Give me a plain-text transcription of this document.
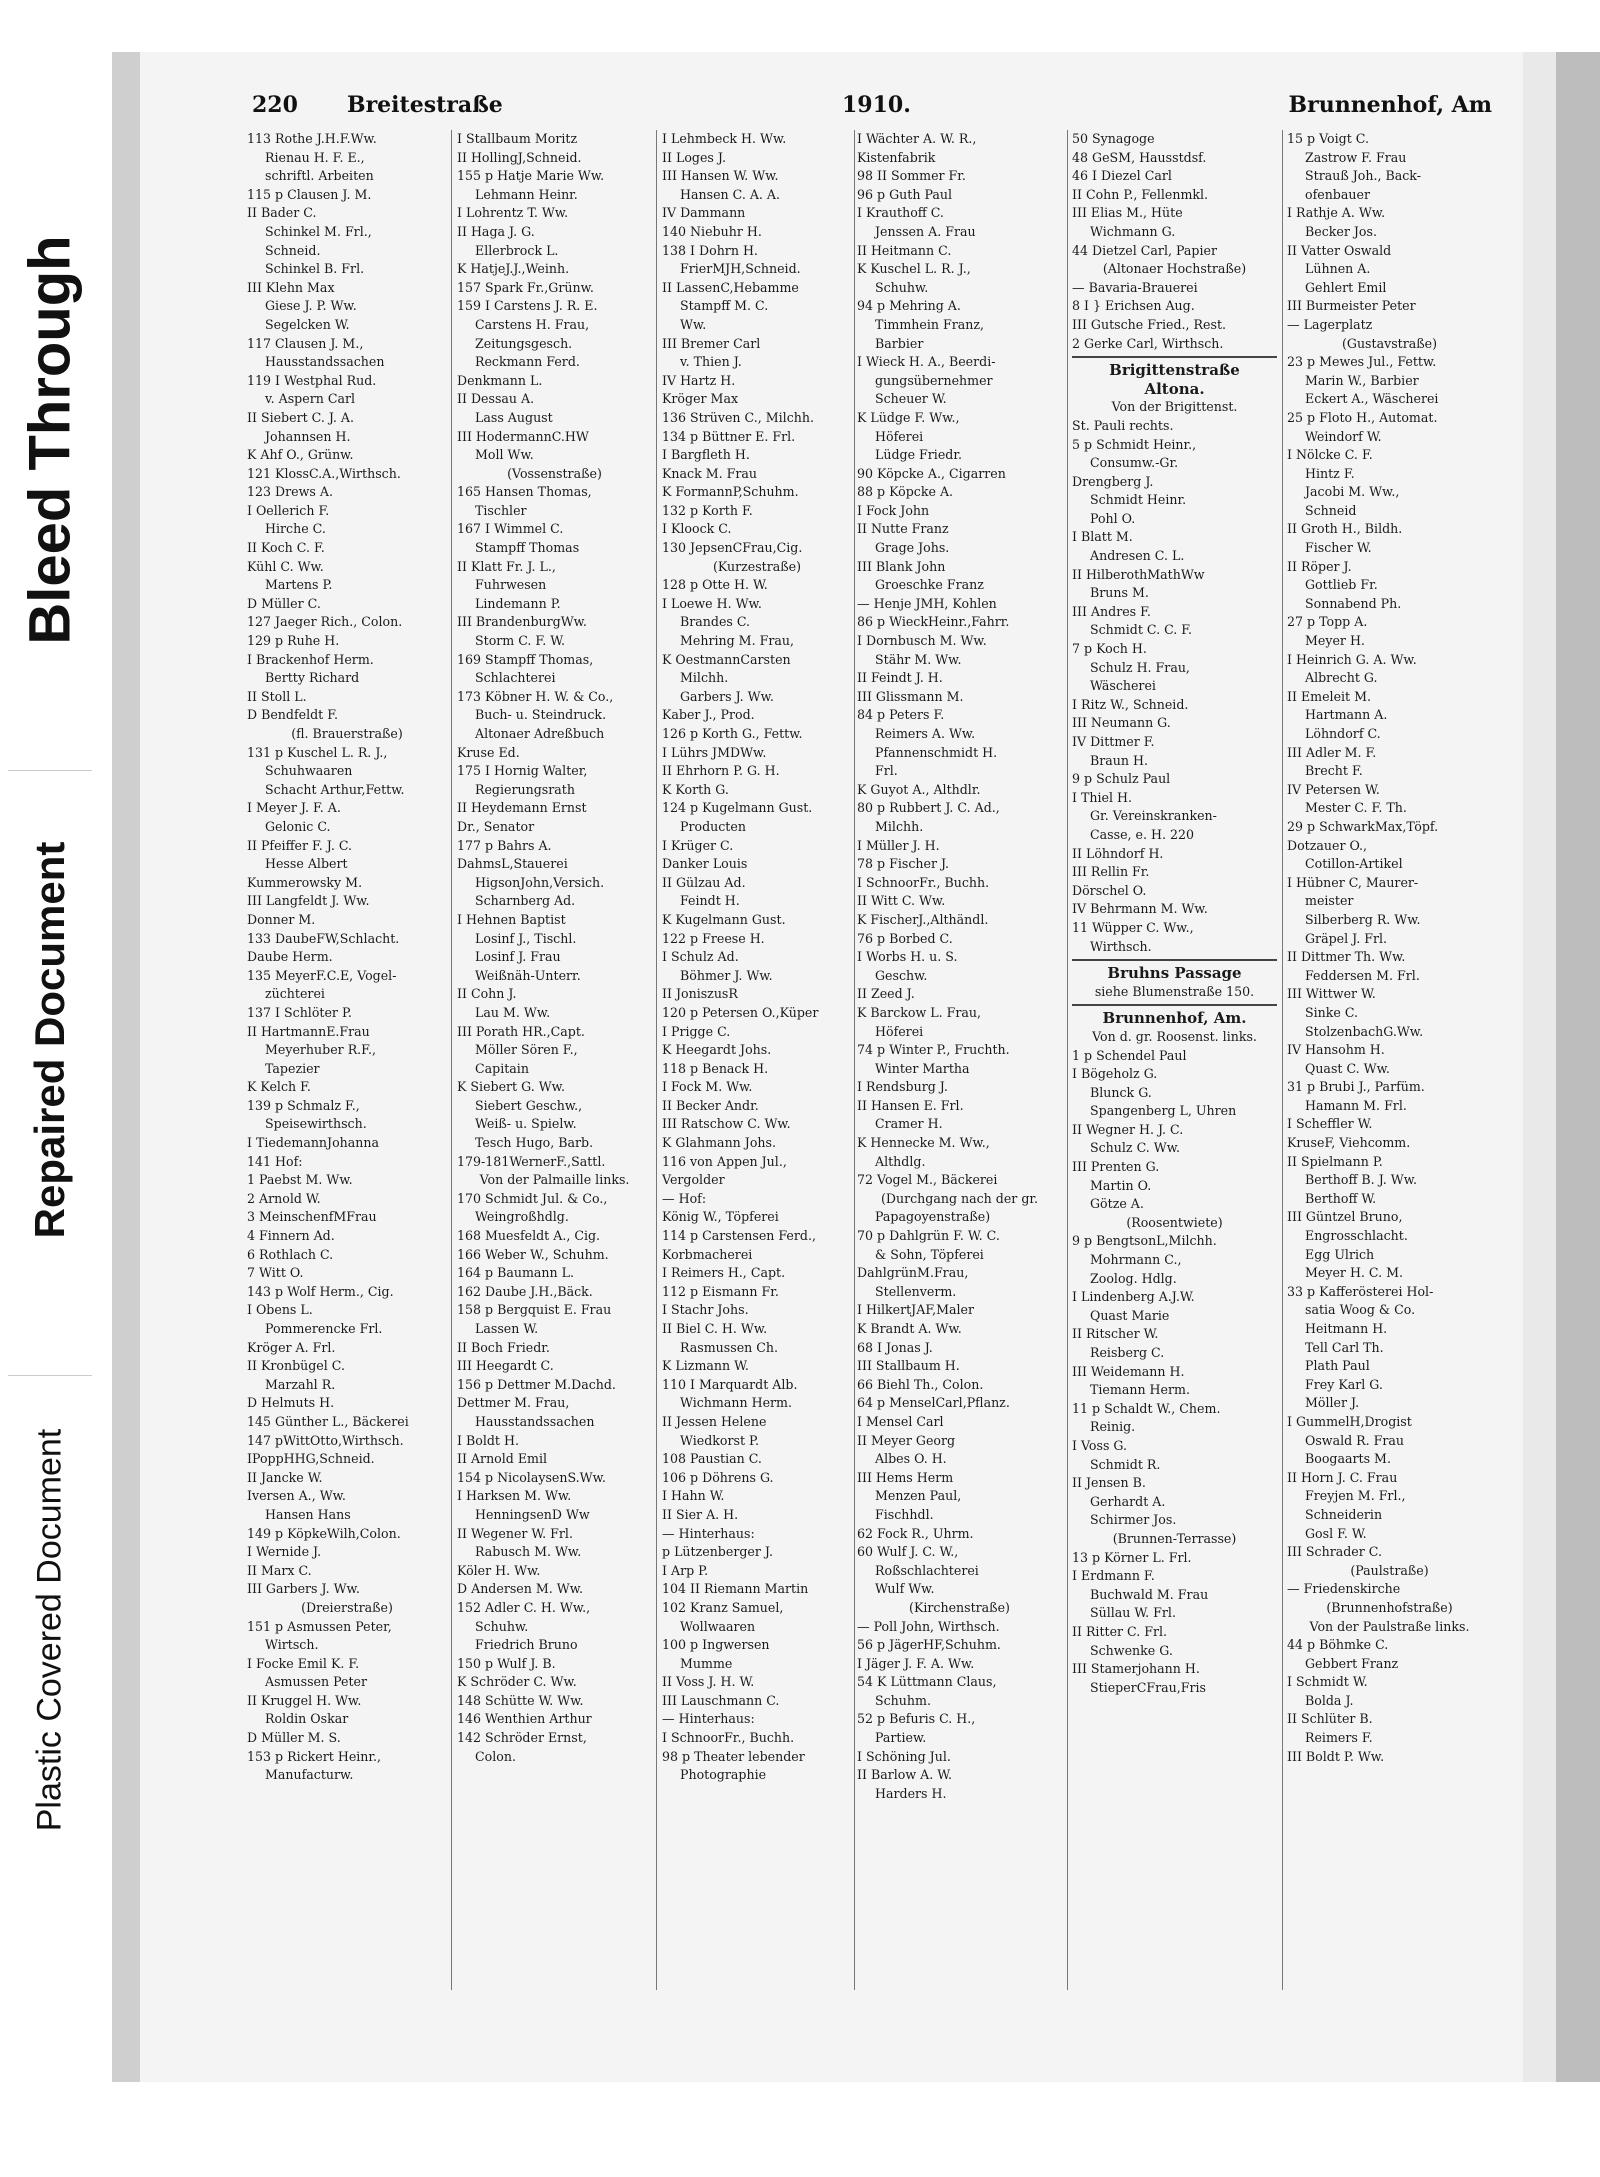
Bleed Through
Repaired Document
Plastic Covered Document
220 Breitestraße	1910.	Brunnenhof, Am
113 Rothe J.H.F.Ww.
Rienau H. F. E.,
schriftl. Arbeiten
115 p Clausen J. M.
II Bader C.
Schinkel M. Frl.,
Schneid.
Schinkel B. Frl.
III Klehn Max
Giese J. P. Ww.
Segelcken W.
117 Clausen J. M.,
Hausstandssachen
119 I Westphal Rud.
v. Aspern Carl
II Siebert C. J. A.
Johannsen H.
K Ahf O., Grünw.
121 KlossC.A.,Wirthsch.
123 Drews A.
I Oellerich F.
Hirche C.
II Koch C. F.
Kühl C. Ww.
Martens P.
D Müller C.
127 Jaeger Rich., Colon.
129 p Ruhe H.
I Brackenhof Herm.
Bertty Richard
II Stoll L.
D Bendfeldt F.
(fl. Brauerstraße)
131 p Kuschel L. R. J.,
Schuhwaaren
Schacht Arthur,Fettw.
I Meyer J. F. A.
Gelonic C.
II Pfeiffer F. J. C.
Hesse Albert
Kummerowsky M.
III Langfeldt J. Ww.
Donner M.
133 DaubeFW,Schlacht.
Daube Herm.
135 MeyerF.C.E, Vogel-
züchterei
137 I Schlöter P.
II HartmannE.Frau
Meyerhuber R.F.,
Tapezier
K Kelch F.
139 p Schmalz F.,
Speisewirthsch.
I TiedemannJohanna
141 Hof:
1 Paebst M. Ww.
2 Arnold W.
3 MeinschenfMFrau
4 Finnern Ad.
6 Rothlach C.
7 Witt O.
143 p Wolf Herm., Cig.
I Obens L.
Pommerencke Frl.
Kröger A. Frl.
II Kronbügel C.
Marzahl R.
D Helmuts H.
145 Günther L., Bäckerei
147 pWittOtto,Wirthsch.
IPoppHHG,Schneid.
II Jancke W.
Iversen A., Ww.
Hansen Hans
149 p KöpkeWilh,Colon.
I Wernide J.
II Marx C.
III Garbers J. Ww.
(Dreierstraße)
151 p Asmussen Peter,
Wirtsch.
I Focke Emil K. F.
Asmussen Peter
II Kruggel H. Ww.
Roldin Oskar
D Müller M. S.
153 p Rickert Heinr.,
Manufacturw.
I Stallbaum Moritz
II HollingJ,Schneid.
155 p Hatje Marie Ww.
Lehmann Heinr.
I Lohrentz T. Ww.
II Haga J. G.
Ellerbrock L.
K HatjeJ.J.,Weinh.
157 Spark Fr.,Grünw.
159 I Carstens J. R. E.
Carstens H. Frau,
Zeitungsgesch.
Reckmann Ferd.
Denkmann L.
II Dessau A.
Lass August
III HodermannC.HW
Moll Ww.
(Vossenstraße)
165 Hansen Thomas,
Tischler
167 I Wimmel C.
Stampff Thomas
II Klatt Fr. J. L.,
Fuhrwesen
Lindemann P.
III BrandenburgWw.
Storm C. F. W.
169 Stampff Thomas,
Schlachterei
173 Köbner H. W. & Co.,
Buch- u. Steindruck.
Altonaer Adreßbuch
Kruse Ed.
175 I Hornig Walter,
Regierungsrath
II Heydemann Ernst
Dr., Senator
177 p Bahrs A.
DahmsL,Stauerei
HigsonJohn,Versich.
Scharnberg Ad.
I Hehnen Baptist
Losinf J., Tischl.
Losinf J. Frau
Weißnäh-Unterr.
II Cohn J.
Lau M. Ww.
III Porath HR.,Capt.
Möller Sören F.,
Capitain
K Siebert G. Ww.
Siebert Geschw.,
Weiß- u. Spielw.
Tesch Hugo, Barb.
179-181WernerF.,Sattl.
Von der Palmaille links.
170 Schmidt Jul. & Co.,
Weingroßhdlg.
168 Muesfeldt A., Cig.
166 Weber W., Schuhm.
164 p Baumann L.
162 Daube J.H.,Bäck.
158 p Bergquist E. Frau
Lassen W.
II Boch Friedr.
III Heegardt C.
156 p Dettmer M.Dachd.
Dettmer M. Frau,
Hausstandssachen
I Boldt H.
II Arnold Emil
154 p NicolaysenS.Ww.
I Harksen M. Ww.
HenningsenD Ww
II Wegener W. Frl.
Rabusch M. Ww.
Köler H. Ww.
D Andersen M. Ww.
152 Adler C. H. Ww.,
Schuhw.
Friedrich Bruno
150 p Wulf J. B.
K Schröder C. Ww.
148 Schütte W. Ww.
146 Wenthien Arthur
142 Schröder Ernst,
Colon.
I Lehmbeck H. Ww.
II Loges J.
III Hansen W. Ww.
Hansen C. A. A.
IV Dammann
140 Niebuhr H.
138 I Dohrn H.
FrierMJH,Schneid.
II LassenC,Hebamme
Stampff M. C.
Ww.
III Bremer Carl
v. Thien J.
IV Hartz H.
Kröger Max
136 Strüven C., Milchh.
134 p Büttner E. Frl.
I Bargfleth H.
Knack M. Frau
K FormannP,Schuhm.
132 p Korth F.
I Kloock C.
130 JepsenCFrau,Cig.
(Kurzestraße)
128 p Otte H. W.
I Loewe H. Ww.
Brandes C.
Mehring M. Frau,
K OestmannCarsten
Milchh.
Garbers J. Ww.
Kaber J., Prod.
126 p Korth G., Fettw.
I Lührs JMDWw.
II Ehrhorn P. G. H.
K Korth G.
124 p Kugelmann Gust.
Producten
I Krüger C.
Danker Louis
II Gülzau Ad.
Feindt H.
K Kugelmann Gust.
122 p Freese H.
I Schulz Ad.
Böhmer J. Ww.
II JoniszusR
120 p Petersen O.,Küper
I Prigge C.
K Heegardt Johs.
118 p Benack H.
I Fock M. Ww.
II Becker Andr.
III Ratschow C. Ww.
K Glahmann Johs.
116 von Appen Jul.,
Vergolder
— Hof:
König W., Töpferei
114 p Carstensen Ferd.,
Korbmacherei
I Reimers H., Capt.
112 p Eismann Fr.
I Stachr Johs.
II Biel C. H. Ww.
Rasmussen Ch.
K Lizmann W.
110 I Marquardt Alb.
Wichmann Herm.
II Jessen Helene
Wiedkorst P.
108 Paustian C.
106 p Döhrens G.
I Hahn W.
II Sier A. H.
— Hinterhaus:
p Lützenberger J.
I Arp P.
104 II Riemann Martin
102 Kranz Samuel,
Wollwaaren
100 p Ingwersen
Mumme
II Voss J. H. W.
III Lauschmann C.
— Hinterhaus:
I SchnoorFr., Buchh.
98 p Theater lebender
Photographie
I Wächter A. W. R.,
Kistenfabrik
98 II Sommer Fr.
96 p Guth Paul
I Krauthoff C.
Jenssen A. Frau
II Heitmann C.
K Kuschel L. R. J.,
Schuhw.
94 p Mehring A.
Timmhein Franz,
Barbier
I Wieck H. A., Beerdi-
gungsübernehmer
Scheuer W.
K Lüdge F. Ww.,
Höferei
Lüdge Friedr.
90 Köpcke A., Cigarren
88 p Köpcke A.
I Fock John
II Nutte Franz
Grage Johs.
III Blank John
Groeschke Franz
— Henje JMH, Kohlen
86 p WieckHeinr.,Fahrr.
I Dornbusch M. Ww.
Stähr M. Ww.
II Feindt J. H.
III Glissmann M.
84 p Peters F.
Reimers A. Ww.
Pfannenschmidt H.
Frl.
K Guyot A., Althdlr.
80 p Rubbert J. C. Ad.,
Milchh.
I Müller J. H.
78 p Fischer J.
I SchnoorFr., Buchh.
II Witt C. Ww.
K FischerJ.,Althändl.
76 p Borbed C.
I Worbs H. u. S.
Geschw.
II Zeed J.
K Barckow L. Frau,
Höferei
74 p Winter P., Fruchth.
Winter Martha
I Rendsburg J.
II Hansen E. Frl.
Cramer H.
K Hennecke M. Ww.,
Althdlg.
72 Vogel M., Bäckerei
(Durchgang nach der gr.
Papagoyenstraße)
70 p Dahlgrün F. W. C.
& Sohn, Töpferei
DahlgrünM.Frau,
Stellenverm.
I HilkertJAF,Maler
K Brandt A. Ww.
68 I Jonas J.
III Stallbaum H.
66 Biehl Th., Colon.
64 p MenselCarl,Pflanz.
I Mensel Carl
II Meyer Georg
Albes O. H.
III Hems Herm
Menzen Paul,
Fischhdl.
62 Fock R., Uhrm.
60 Wulf J. C. W.,
Roßschlachterei
Wulf Ww.
(Kirchenstraße)
— Poll John, Wirthsch.
56 p JägerHF,Schuhm.
I Jäger J. F. A. Ww.
54 K Lüttmann Claus,
Schuhm.
52 p Befuris C. H.,
Partiew.
I Schöning Jul.
II Barlow A. W.
Harders H.
50 Synagoge
48 GeSM, Hausstdsf.
46 I Diezel Carl
II Cohn P., Fellenmkl.
III Elias M., Hüte
Wichmann G.
44 Dietzel Carl, Papier
(Altonaer Hochstraße)
— Bavaria-Brauerei
8 I } Erichsen Aug.
III Gutsche Fried., Rest.
2 Gerke Carl, Wirthsch.
Brigittenstraße
Altona.
Von der Brigittenst.
St. Pauli rechts.
5 p Schmidt Heinr.,
Consumw.-Gr.
Drengberg J.
Schmidt Heinr.
Pohl O.
I Blatt M.
Andresen C. L.
II HilberothMathWw
Bruns M.
III Andres F.
Schmidt C. C. F.
7 p Koch H.
Schulz H. Frau,
Wäscherei
I Ritz W., Schneid.
III Neumann G.
IV Dittmer F.
Braun H.
9 p Schulz Paul
I Thiel H.
Gr. Vereinskranken-
Casse, e. H. 220
II Löhndorf H.
III Rellin Fr.
Dörschel O.
IV Behrmann M. Ww.
11 Wüpper C. Ww.,
Wirthsch.
Bruhns Passage
siehe Blumenstraße 150.
Brunnenhof, Am.
Von d. gr. Roosenst. links.
1 p Schendel Paul
I Bögeholz G.
Blunck G.
Spangenberg L, Uhren
II Wegner H. J. C.
Schulz C. Ww.
III Prenten G.
Martin O.
Götze A.
(Roosentwiete)
9 p BengtsonL,Milchh.
Mohrmann C.,
Zoolog. Hdlg.
I Lindenberg A.J.W.
Quast Marie
II Ritscher W.
Reisberg C.
III Weidemann H.
Tiemann Herm.
11 p Schaldt W., Chem.
Reinig.
I Voss G.
Schmidt R.
II Jensen B.
Gerhardt A.
Schirmer Jos.
(Brunnen-Terrasse)
13 p Körner L. Frl.
I Erdmann F.
Buchwald M. Frau
Süllau W. Frl.
II Ritter C. Frl.
Schwenke G.
III Stamerjohann H.
StieperCFrau,Fris
15 p Voigt C.
Zastrow F. Frau
Strauß Joh., Back-
ofenbauer
I Rathje A. Ww.
Becker Jos.
II Vatter Oswald
Lühnen A.
Gehlert Emil
III Burmeister Peter
— Lagerplatz
(Gustavstraße)
23 p Mewes Jul., Fettw.
Marin W., Barbier
Eckert A., Wäscherei
25 p Floto H., Automat.
Weindorf W.
I Nölcke C. F.
Hintz F.
Jacobi M. Ww.,
Schneid
II Groth H., Bildh.
Fischer W.
II Röper J.
Gottlieb Fr.
Sonnabend Ph.
27 p Topp A.
Meyer H.
I Heinrich G. A. Ww.
Albrecht G.
II Emeleit M.
Hartmann A.
Löhndorf C.
III Adler M. F.
Brecht F.
IV Petersen W.
Mester C. F. Th.
29 p SchwarkMax,Töpf.
Dotzauer O.,
Cotillon-Artikel
I Hübner C, Maurer-
meister
Silberberg R. Ww.
Gräpel J. Frl.
II Dittmer Th. Ww.
Feddersen M. Frl.
III Wittwer W.
Sinke C.
StolzenbachG.Ww.
IV Hansohm H.
Quast C. Ww.
31 p Brubi J., Parfüm.
Hamann M. Frl.
I Scheffler W.
KruseF, Viehcomm.
II Spielmann P.
Berthoff B. J. Ww.
Berthoff W.
III Güntzel Bruno,
Engrosschlacht.
Egg Ulrich
Meyer H. C. M.
33 p Kafferösterei Hol-
satia Woog & Co.
Heitmann H.
Tell Carl Th.
Plath Paul
Frey Karl G.
Möller J.
I GummelH,Drogist
Oswald R. Frau
Boogaarts M.
II Horn J. C. Frau
Freyjen M. Frl.,
Schneiderin
Gosl F. W.
III Schrader C.
(Paulstraße)
— Friedenskirche
(Brunnenhofstraße)
Von der Paulstraße links.
44 p Böhmke C.
Gebbert Franz
I Schmidt W.
Bolda J.
II Schlüter B.
Reimers F.
III Boldt P. Ww.
